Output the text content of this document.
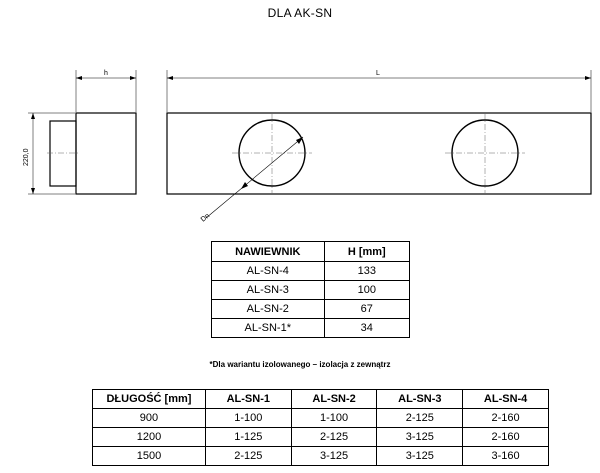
DLA AK-SN
h
220,0
L
Dn
NAWIEWNIK	H [mm]
AL-SN-4	133
AL-SN-3	100
AL-SN-2	67
AL-SN-1*	34
*Dla wariantu izolowanego – izolacja z zewnątrz
DŁUGOŚĆ [mm]	AL-SN-1	AL-SN-2	AL-SN-3	AL-SN-4
900	1-100	1-100	2-125	2-160
1200	1-125	2-125	3-125	2-160
1500	2-125	3-125	3-125	3-160
